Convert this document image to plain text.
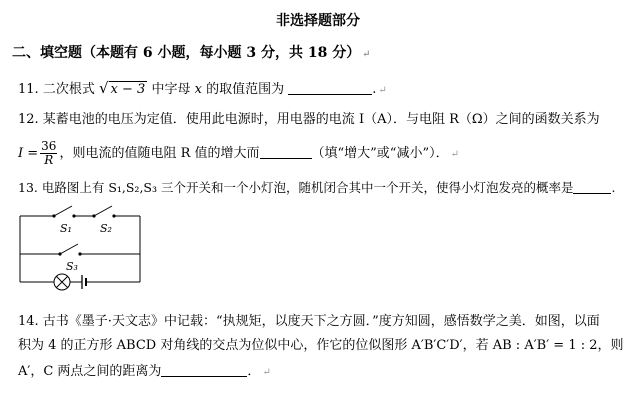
非选择题部分
二、填空题（本题有 6 小题，每小题 3 分，共 18 分） ↵
11. 二次根式 √ x − 3 中字母 x 的取值范围为	. ↵
12. 某蓄电池的电压为定值．使用此电源时，用电器的电流 I（A）．与电阻 R（Ω）之间的函数关系为
$I = \frac{36}{R}$ ，则电流的值随电阻 R 值的增大而	（填“增大”或“减小”）． ↵
13. 电路图上有 S₁,S₂,S₃ 三个开关和一个小灯泡，随机闭合其中一个开关，使得小灯泡发亮的概率是	.
S₁	S₂
S₃
14. 古书《墨子·天文志》中记载：“执规矩，以度天下之方圆．”度方知圆，感悟数学之美．如图，以面
积为 4 的正方形 ABCD 对角线的交点为位似中心，作它的位似图形 A′B′C′D′，若 AB : A′B′ = 1 : 2，则
A′，C 两点之间的距离为	． ↵
